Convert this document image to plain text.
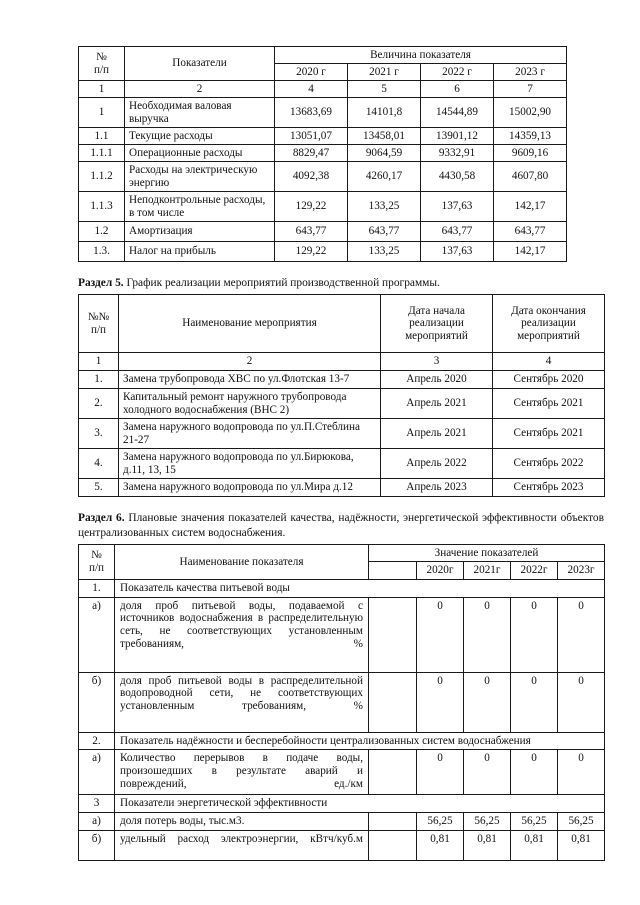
№
п/п	Показатели	Величина показателя			
		2020 г	2021 г	2022 г	2023 г
1	2	4	5	6	7
1	Необходимая валовая выручка	13683,69	14101,8	14544,89	15002,90
1.1	Текущие расходы	13051,07	13458,01	13901,12	14359,13
1.1.1	Операционные расходы	8829,47	9064,59	9332,91	9609,16
1.1.2	Расходы на электрическую энергию	4092,38	4260,17	4430,58	4607,80
1.1.3	Неподконтрольные расходы, в том числе	129,22	133,25	137,63	142,17
1.2	Амортизация	643,77	643,77	643,77	643,77
1.3.	Налог на прибыль	129,22	133,25	137,63	142,17
Раздел 5. График реализации мероприятий производственной программы.
№№
п/п	Наименование мероприятия	Дата начала реализации мероприятий	Дата окончания реализации мероприятий
1	2	3	4
1.	Замена трубопровода ХВС по ул.Флотская 13-7	Апрель 2020	Сентябрь 2020
2.	Капитальный ремонт наружного трубопровода холодного водоснабжения (ВНС 2)	Апрель 2021	Сентябрь 2021
3.	Замена наружного водопровода по ул.П.Стеблина 21-27	Апрель 2021	Сентябрь 2021
4.	Замена наружного водопровода по ул.Бирюкова, д.11, 13, 15	Апрель 2022	Сентябрь 2022
5.	Замена наружного водопровода по ул.Мира д.12	Апрель 2023	Сентябрь 2023
Раздел 6. Плановые значения показателей качества, надёжности, энергетической эффективности объектов централизованных систем водоснабжения.
№
п/п	Наименование показателя	Значение показателей				
			2020г	2021г	2022г	2023г
1.	Показатель качества питьевой воды					
а)	доля проб питьевой воды, подаваемой с источников водоснабжения в распределительную сеть, не соответствующих установленным требованиям, %		0	0	0	0
б)	доля проб питьевой воды в распределительной водопроводной сети, не соответствующих установленным требованиям, %		0	0	0	0
2.	Показатель надёжности и бесперебойности централизованных систем водоснабжения					
а)	Количество перерывов в подаче воды, произошедших в результате аварий и повреждений, ед./км		0	0	0	0
3	Показатели энергетической эффективности					
а)	доля потерь воды, тыс.м3.		56,25	56,25	56,25	56,25
б)	удельный расход электроэнергии, кВтч/куб.м		0,81	0,81	0,81	0,81
